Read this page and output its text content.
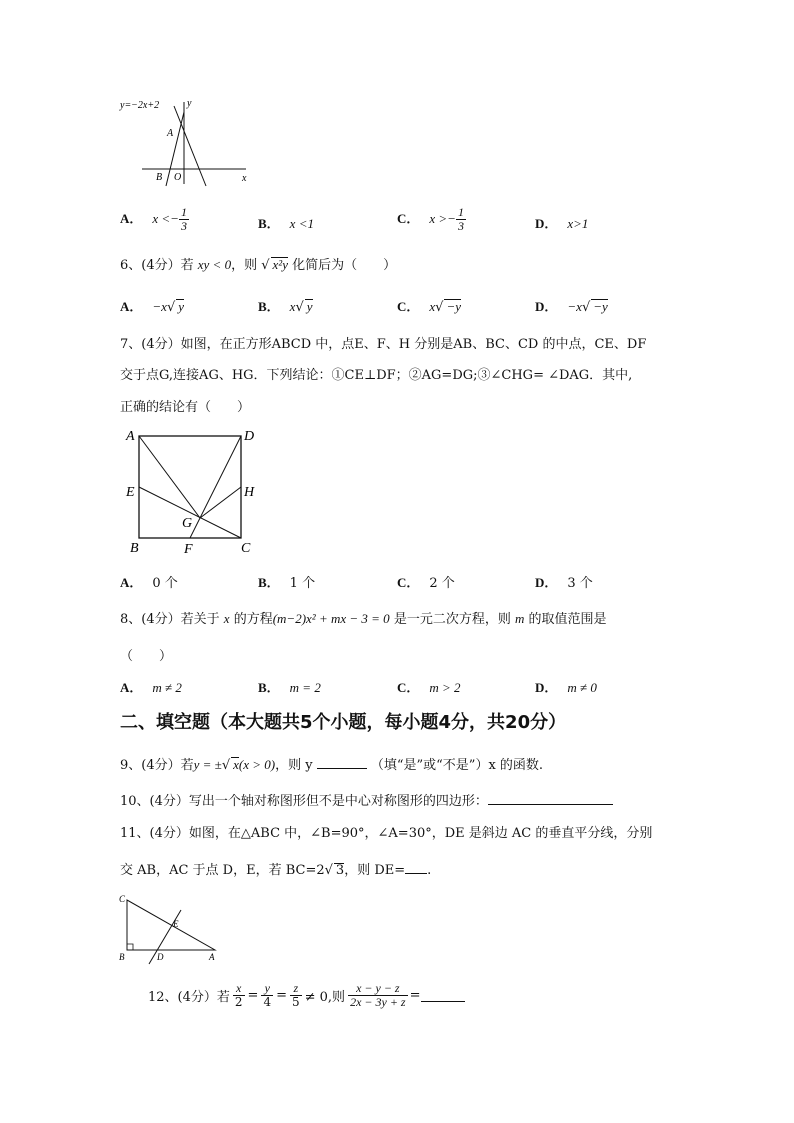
y=−2x+2	y
x
A
B O
A． $x <- \frac{1}{3}$	B． x <1	C． $x >- \frac{1}{3}$	D． x>1
6、(4分）若 xy < 0，则 √ x²y 化简后为（　　）
A． −x√ y	B． x√ y	C． x√ −y	D． −x√ −y
7、(4分）如图，在正方形ABCD 中，点E、F、H 分别是AB、BC、CD 的中点，CE、DF
交于点G,连接AG、HG．下列结论：①CE⊥DF；②AG=DG;③∠CHG= ∠DAG．其中,
正确的结论有（　　）
A	D
E	H
G
B	F	C
A． 0 个	B． 1 个	C． 2 个	D． 3 个
8、(4分）若关于 x 的方程(m−2)x² + mx − 3 = 0 是一元二次方程，则 m 的取值范围是
（　　）
A． m ≠ 2	B． m = 2	C． m > 2	D． m ≠ 0
二、填空题（本大题共5个小题，每小题4分，共20分）
9、(4分）若y = ±√ x(x > 0)，则 y	（填“是”或“不是”）x 的函数.
10、(4分）写出一个轴对称图形但不是中心对称图形的四边形：
11、(4分）如图，在△ABC 中，∠B=90°，∠A=30°，DE 是斜边 AC 的垂直平分线，分别
交 AB，AC 于点 D，E，若 BC=2√ 3，则 DE= .
C
E
B	D	A
12、(4分）若 $\frac{x}{2} = \frac{y}{4} = \frac{z}{5} \ne 0$,则 $\frac{x - y - z}{2x - 3y + z}$ =
